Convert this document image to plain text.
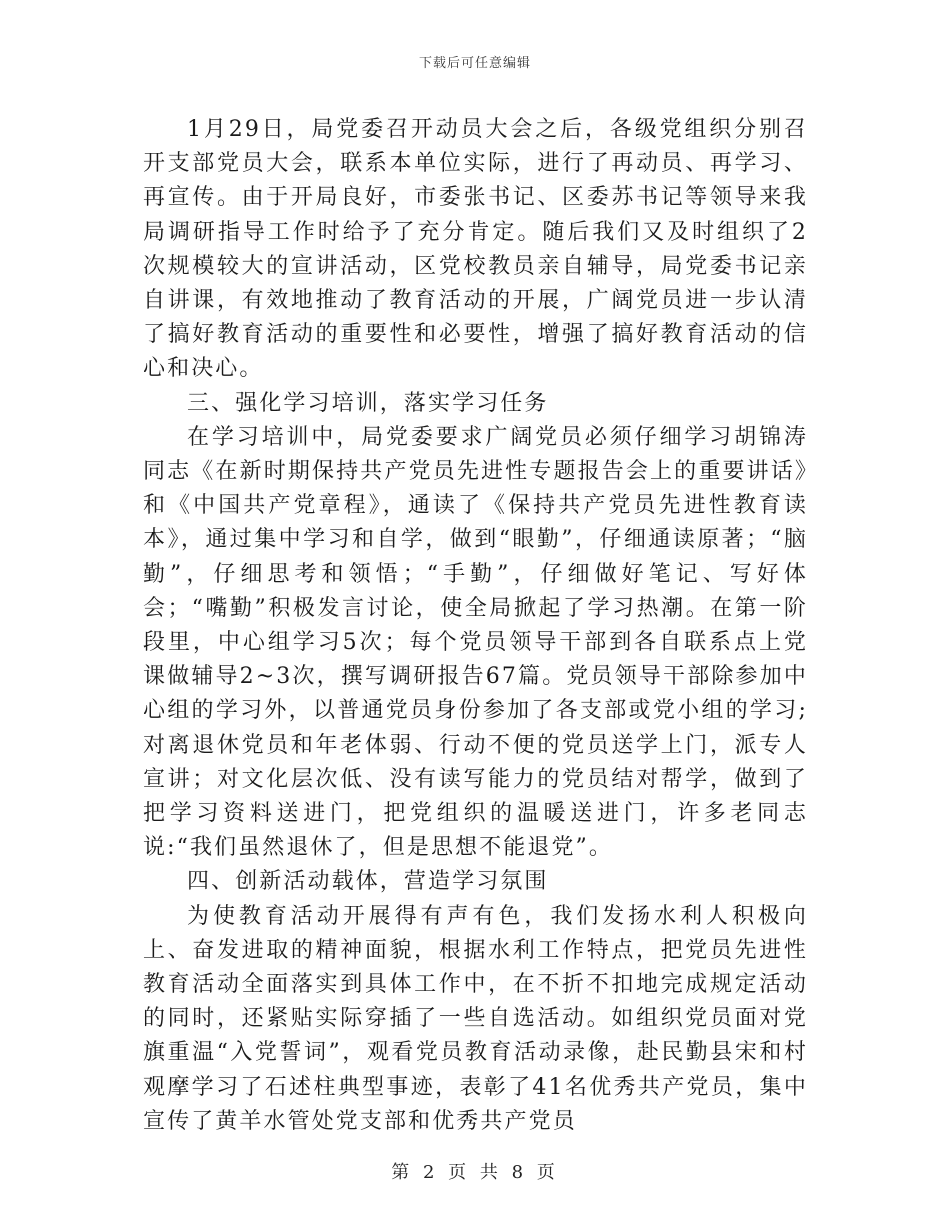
下载后可任意编辑

1月29日，局党委召开动员大会之后，各级党组织分别召开支部党员大会，联系本单位实际，进行了再动员、再学习、再宣传。由于开局良好，市委张书记、区委苏书记等领导来我局调研指导工作时给予了充分肯定。随后我们又及时组织了2次规模较大的宣讲活动，区党校教员亲自辅导，局党委书记亲自讲课，有效地推动了教育活动的开展，广阔党员进一步认清了搞好教育活动的重要性和必要性，增强了搞好教育活动的信心和决心。

三、强化学习培训，落实学习任务

在学习培训中，局党委要求广阔党员必须仔细学习胡锦涛同志《在新时期保持共产党员先进性专题报告会上的重要讲话》和《中国共产党章程》，通读了《保持共产党员先进性教育读本》，通过集中学习和自学，做到“眼勤”，仔细通读原著；“脑勤”，仔细思考和领悟；“手勤”，仔细做好笔记、写好体会；“嘴勤”积极发言讨论，使全局掀起了学习热潮。在第一阶段里，中心组学习5次；每个党员领导干部到各自联系点上党课做辅导2~3次，撰写调研报告67篇。党员领导干部除参加中心组的学习外，以普通党员身份参加了各支部或党小组的学习;对离退休党员和年老体弱、行动不便的党员送学上门，派专人宣讲；对文化层次低、没有读写能力的党员结对帮学，做到了把学习资料送进门，把党组织的温暖送进门，许多老同志说:“我们虽然退休了，但是思想不能退党”。

四、创新活动载体，营造学习氛围

为使教育活动开展得有声有色，我们发扬水利人积极向上、奋发进取的精神面貌，根据水利工作特点，把党员先进性教育活动全面落实到具体工作中，在不折不扣地完成规定活动的同时，还紧贴实际穿插了一些自选活动。如组织党员面对党旗重温“入党誓词”，观看党员教育活动录像，赴民勤县宋和村观摩学习了石述柱典型事迹，表彰了41名优秀共产党员，集中宣传了黄羊水管处党支部和优秀共产党员

第 2 页 共 8 页
